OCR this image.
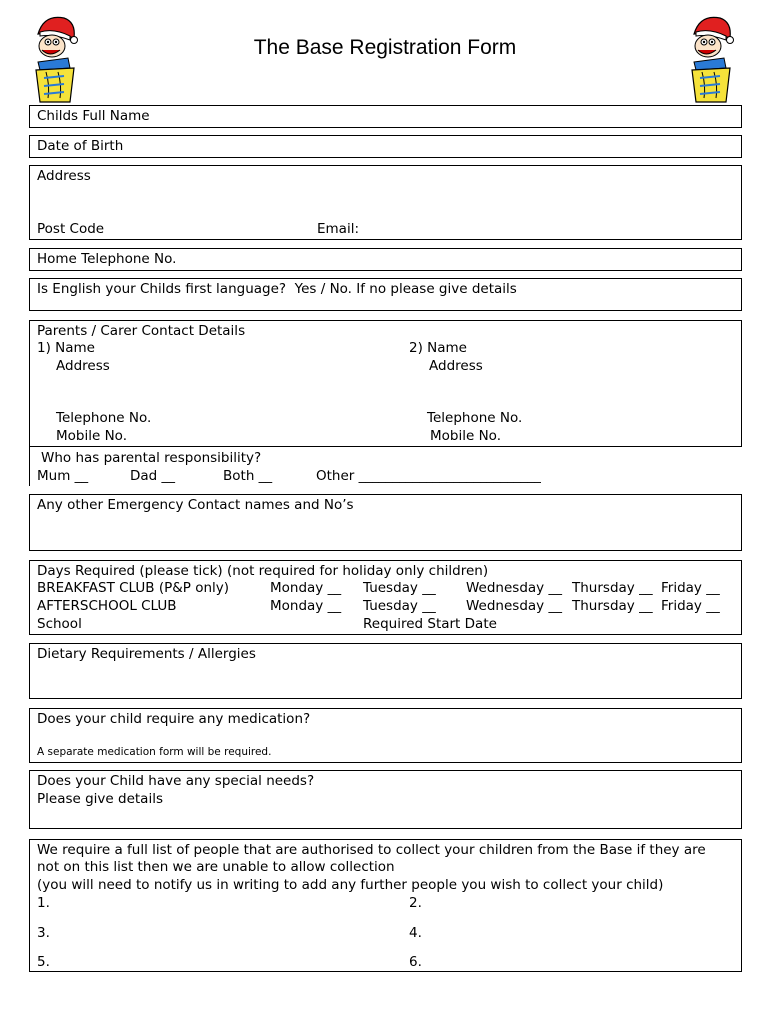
The Base Registration Form
Childs Full Name
Date of Birth
Address
Post Code	Email:
Home Telephone No.
Is English your Childs first language?  Yes / No. If no please give details
Parents / Carer Contact Details
1) Name	2) Name
Address	Address
Telephone No.	Telephone No.
Mobile No.	Mobile No.
Who has parental responsibility?
Mum __	Dad __	Both __	Other ___________________________
Any other Emergency Contact names and No’s
Days Required (please tick) (not required for holiday only children)
BREAKFAST CLUB (P&P only)	Monday __ Tuesday __ Wednesday __ Thursday __ Friday __
AFTERSCHOOL CLUB	Monday __ Tuesday __ Wednesday __ Thursday __ Friday __
School	Required Start Date
Dietary Requirements / Allergies
Does your child require any medication?
A separate medication form will be required.
Does your Child have any special needs?
Please give details
We require a full list of people that are authorised to collect your children from the Base if they are
not on this list then we are unable to allow collection
(you will need to notify us in writing to add any further people you wish to collect your child)
1.	2.
3.	4.
5.	6.
